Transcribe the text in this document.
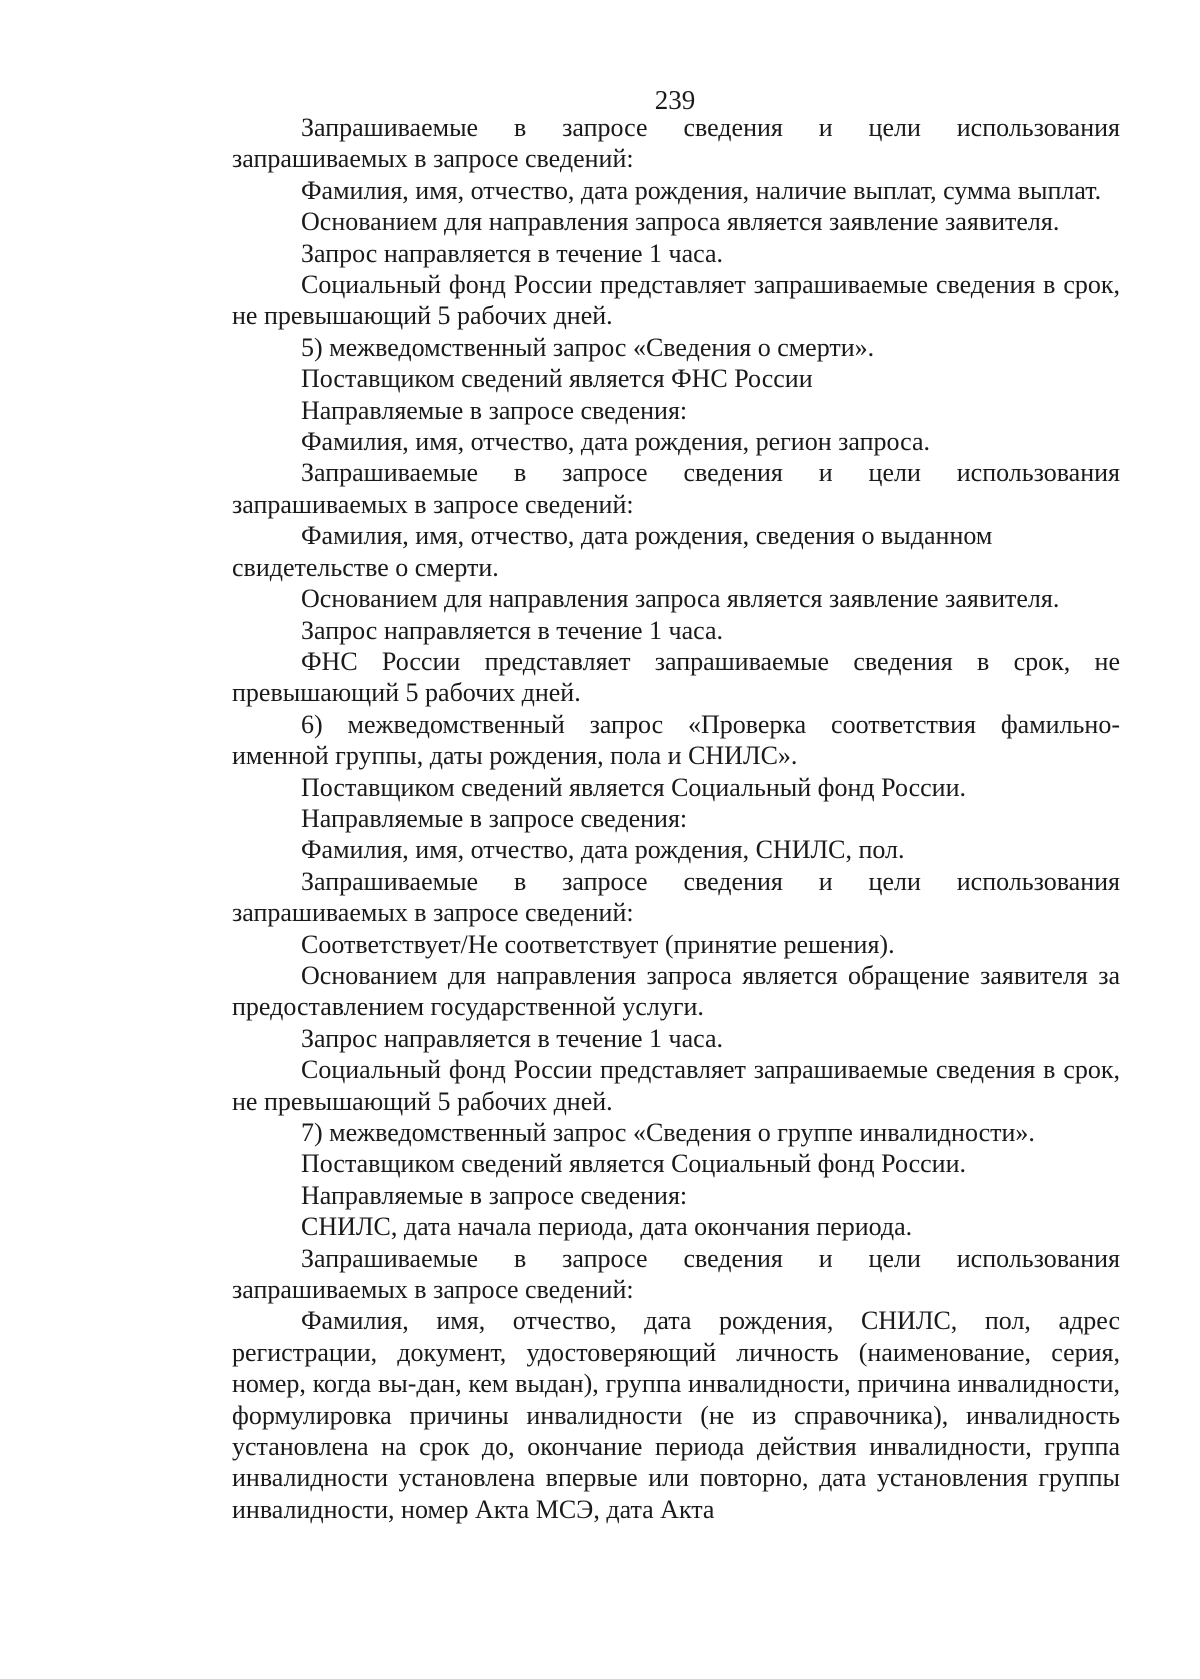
239

Запрашиваемые в запросе сведения и цели использования запрашиваемых в запросе сведений:

Фамилия, имя, отчество, дата рождения, наличие выплат, сумма выплат.

Основанием для направления запроса является заявление заявителя.

Запрос направляется в течение 1 часа.

Социальный фонд России представляет запрашиваемые сведения в срок, не превышающий 5 рабочих дней.

5) межведомственный запрос «Сведения о смерти».

Поставщиком сведений является ФНС России

Направляемые в запросе сведения:

Фамилия, имя, отчество, дата рождения, регион запроса.

Запрашиваемые в запросе сведения и цели использования запрашиваемых в запросе сведений:

Фамилия, имя, отчество, дата рождения, сведения о выданном свидетельстве о смерти.

Основанием для направления запроса является заявление заявителя.

Запрос направляется в течение 1 часа.

ФНС России представляет запрашиваемые сведения в срок, не превышающий 5 рабочих дней.

6) межведомственный запрос «Проверка соответствия фамильно-именной группы, даты рождения, пола и СНИЛС».

Поставщиком сведений является Социальный фонд России.

Направляемые в запросе сведения:

Фамилия, имя, отчество, дата рождения, СНИЛС, пол.

Запрашиваемые в запросе сведения и цели использования запрашиваемых в запросе сведений:

Соответствует/Не соответствует (принятие решения).

Основанием для направления запроса является обращение заявителя за предоставлением государственной услуги.

Запрос направляется в течение 1 часа.

Социальный фонд России представляет запрашиваемые сведения в срок, не превышающий 5 рабочих дней.

7) межведомственный запрос «Сведения о группе инвалидности».

Поставщиком сведений является Социальный фонд России.

Направляемые в запросе сведения:

СНИЛС, дата начала периода, дата окончания периода.

Запрашиваемые в запросе сведения и цели использования запрашиваемых в запросе сведений:

Фамилия, имя, отчество, дата рождения, СНИЛС, пол, адрес регистрации, документ, удостоверяющий личность (наименование, серия, номер, когда вы-дан, кем выдан), группа инвалидности, причина инвалидности, формулировка причины инвалидности (не из справочника), инвалидность установлена на срок до, окончание периода действия инвалидности, группа инвалидности установлена впервые или повторно, дата установления группы инвалидности, номер Акта МСЭ, дата Акта
